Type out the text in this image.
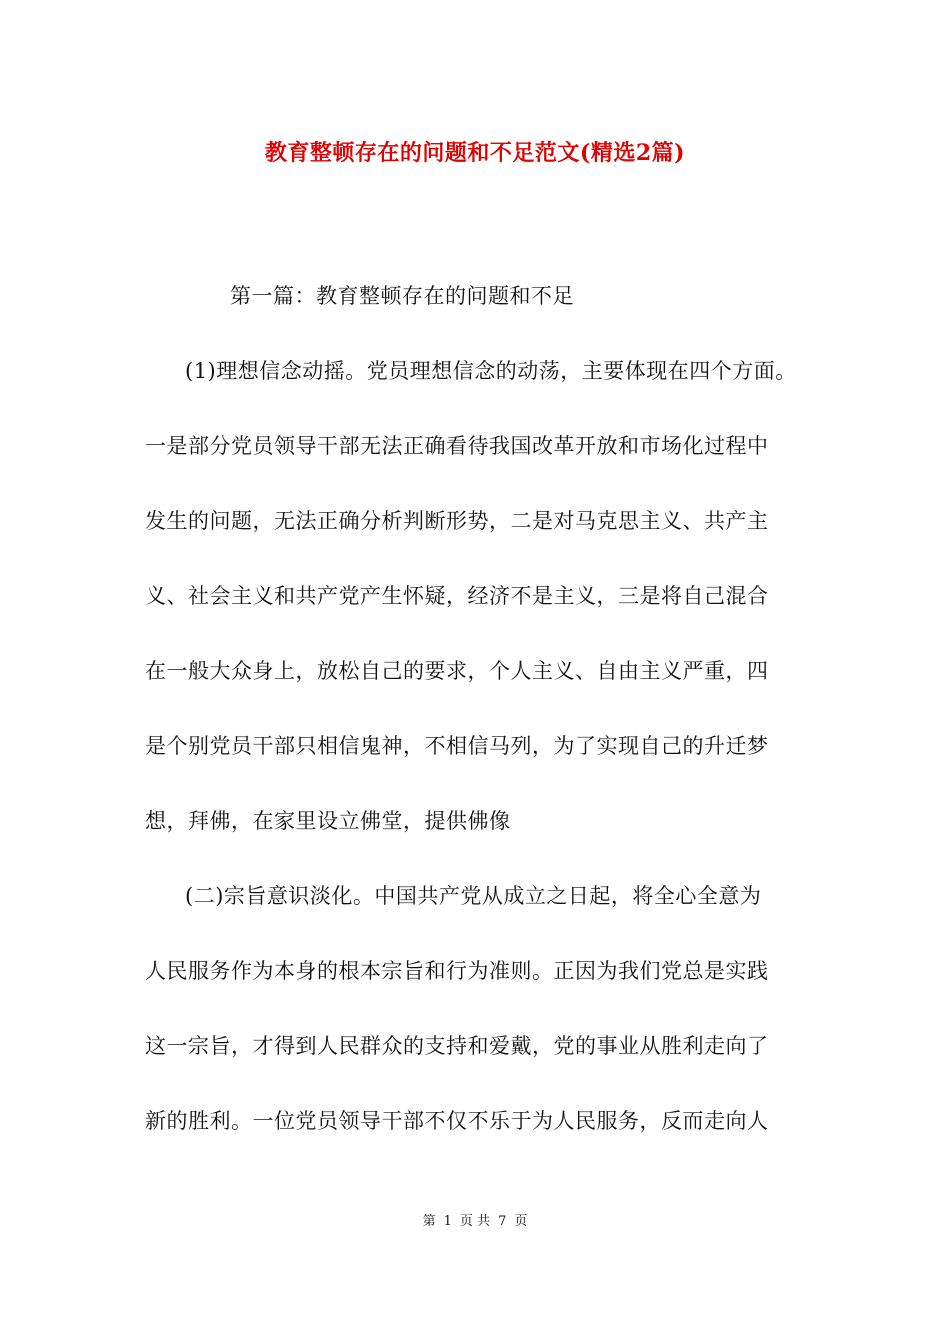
教育整顿存在的问题和不足范文(精选2篇)
第一篇：教育整顿存在的问题和不足
(1)理想信念动摇。党员理想信念的动荡，主要体现在四个方面。
一是部分党员领导干部无法正确看待我国改革开放和市场化过程中
发生的问题，无法正确分析判断形势，二是对马克思主义、共产主
义、社会主义和共产党产生怀疑，经济不是主义，三是将自己混合
在一般大众身上，放松自己的要求，个人主义、自由主义严重，四
是个别党员干部只相信鬼神，不相信马列，为了实现自己的升迁梦
想，拜佛，在家里设立佛堂，提供佛像
(二)宗旨意识淡化。中国共产党从成立之日起，将全心全意为
人民服务作为本身的根本宗旨和行为准则。正因为我们党总是实践
这一宗旨，才得到人民群众的支持和爱戴，党的事业从胜利走向了
新的胜利。一位党员领导干部不仅不乐于为人民服务，反而走向人
第 1 页 共 7 页
